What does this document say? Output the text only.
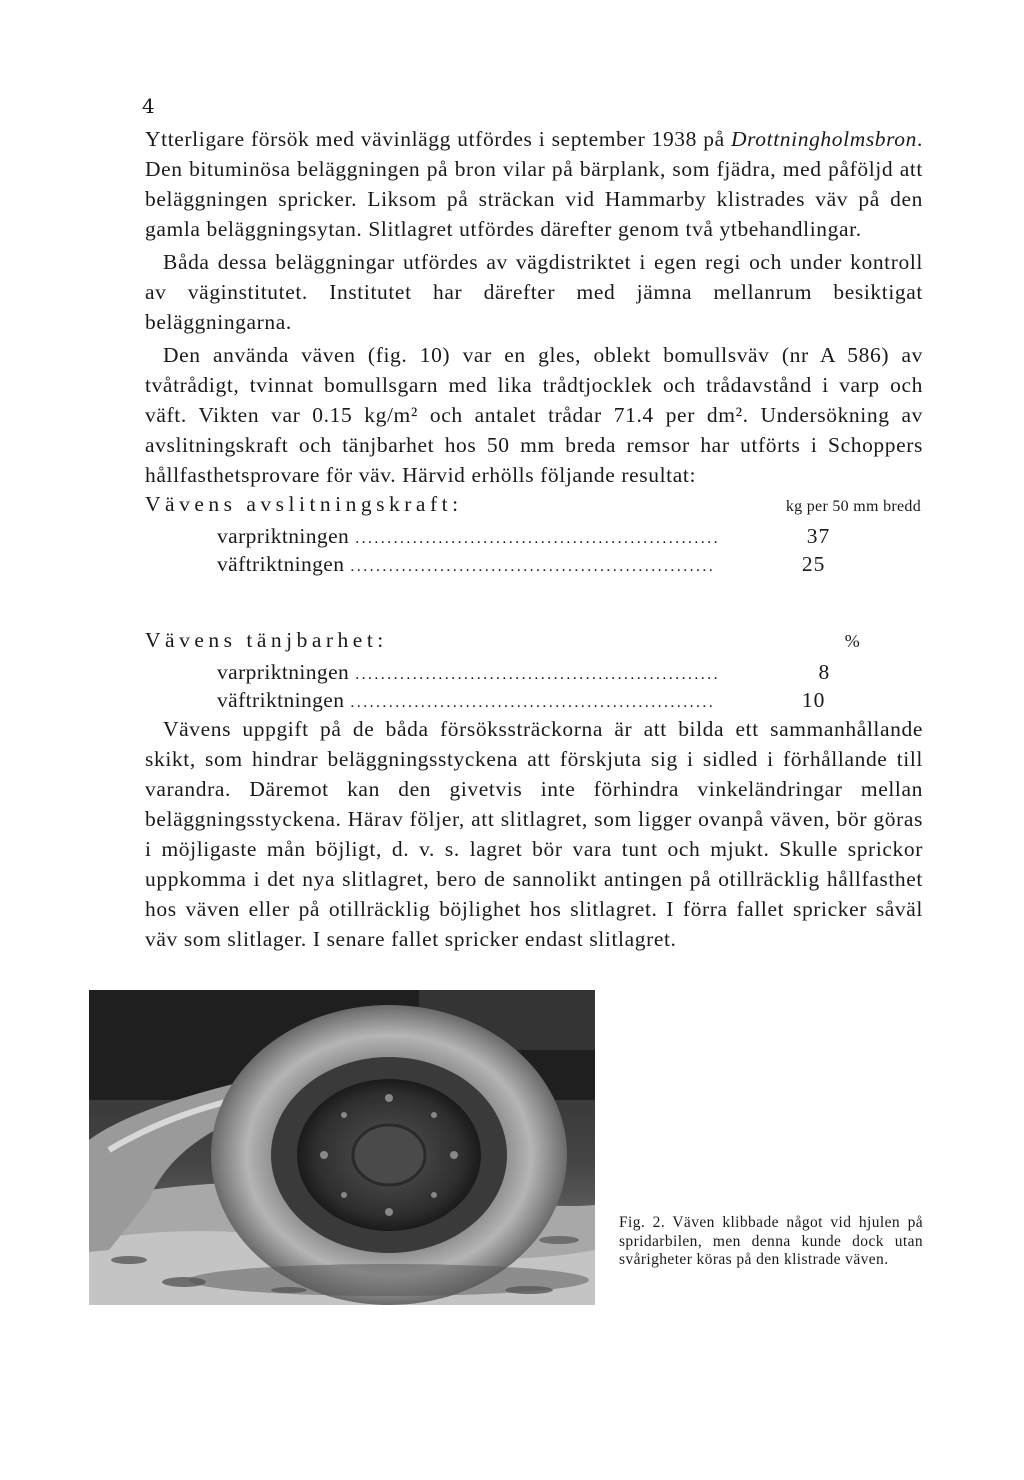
4

Ytterligare försök med vävinlägg utfördes i september 1938 på Drottningholmsbron. Den bituminösa beläggningen på bron vilar på bärplank, som fjädra, med påföljd att beläggningen spricker. Liksom på sträckan vid Hammarby klistrades väv på den gamla beläggningsytan. Slitlagret utfördes därefter genom två ytbehandlingar.

Båda dessa beläggningar utfördes av vägdistriktet i egen regi och under kontroll av väginstitutet. Institutet har därefter med jämna mellanrum besiktigat beläggningarna.

Den använda väven (fig. 10) var en gles, oblekt bomullsväv (nr A 586) av tvåtrådigt, tvinnat bomullsgarn med lika trådtjocklek och trådavstånd i varp och väft. Vikten var 0.15 kg/m² och antalet trådar 71.4 per dm². Undersökning av avslitningskraft och tänjbarhet hos 50 mm breda remsor har utförts i Schoppers hållfasthetsprovare för väv. Härvid erhölls följande resultat:

Vävens avslitningskraft:	kg per 50 mm bredd
varpriktningen .........................................................	37
väftriktningen .........................................................	25
Vävens tänjbarhet:	%
varpriktningen .........................................................	8
väftriktningen .........................................................	10

Vävens uppgift på de båda försökssträckorna är att bilda ett sammanhållande skikt, som hindrar beläggningsstyckena att förskjuta sig i sidled i förhållande till varandra. Däremot kan den givetvis inte förhindra vinkeländringar mellan beläggningsstyckena. Härav följer, att slitlagret, som ligger ovanpå väven, bör göras i möjligaste mån böjligt, d. v. s. lagret bör vara tunt och mjukt. Skulle sprickor uppkomma i det nya slitlagret, bero de sannolikt antingen på otillräcklig hållfasthet hos väven eller på otillräcklig böjlighet hos slitlagret. I förra fallet spricker såväl väv som slitlager. I senare fallet spricker endast slitlagret.

Fig. 2. Väven klibbade något vid hjulen på spridarbilen, men denna kunde dock utan svårigheter köras på den klistrade väven.
